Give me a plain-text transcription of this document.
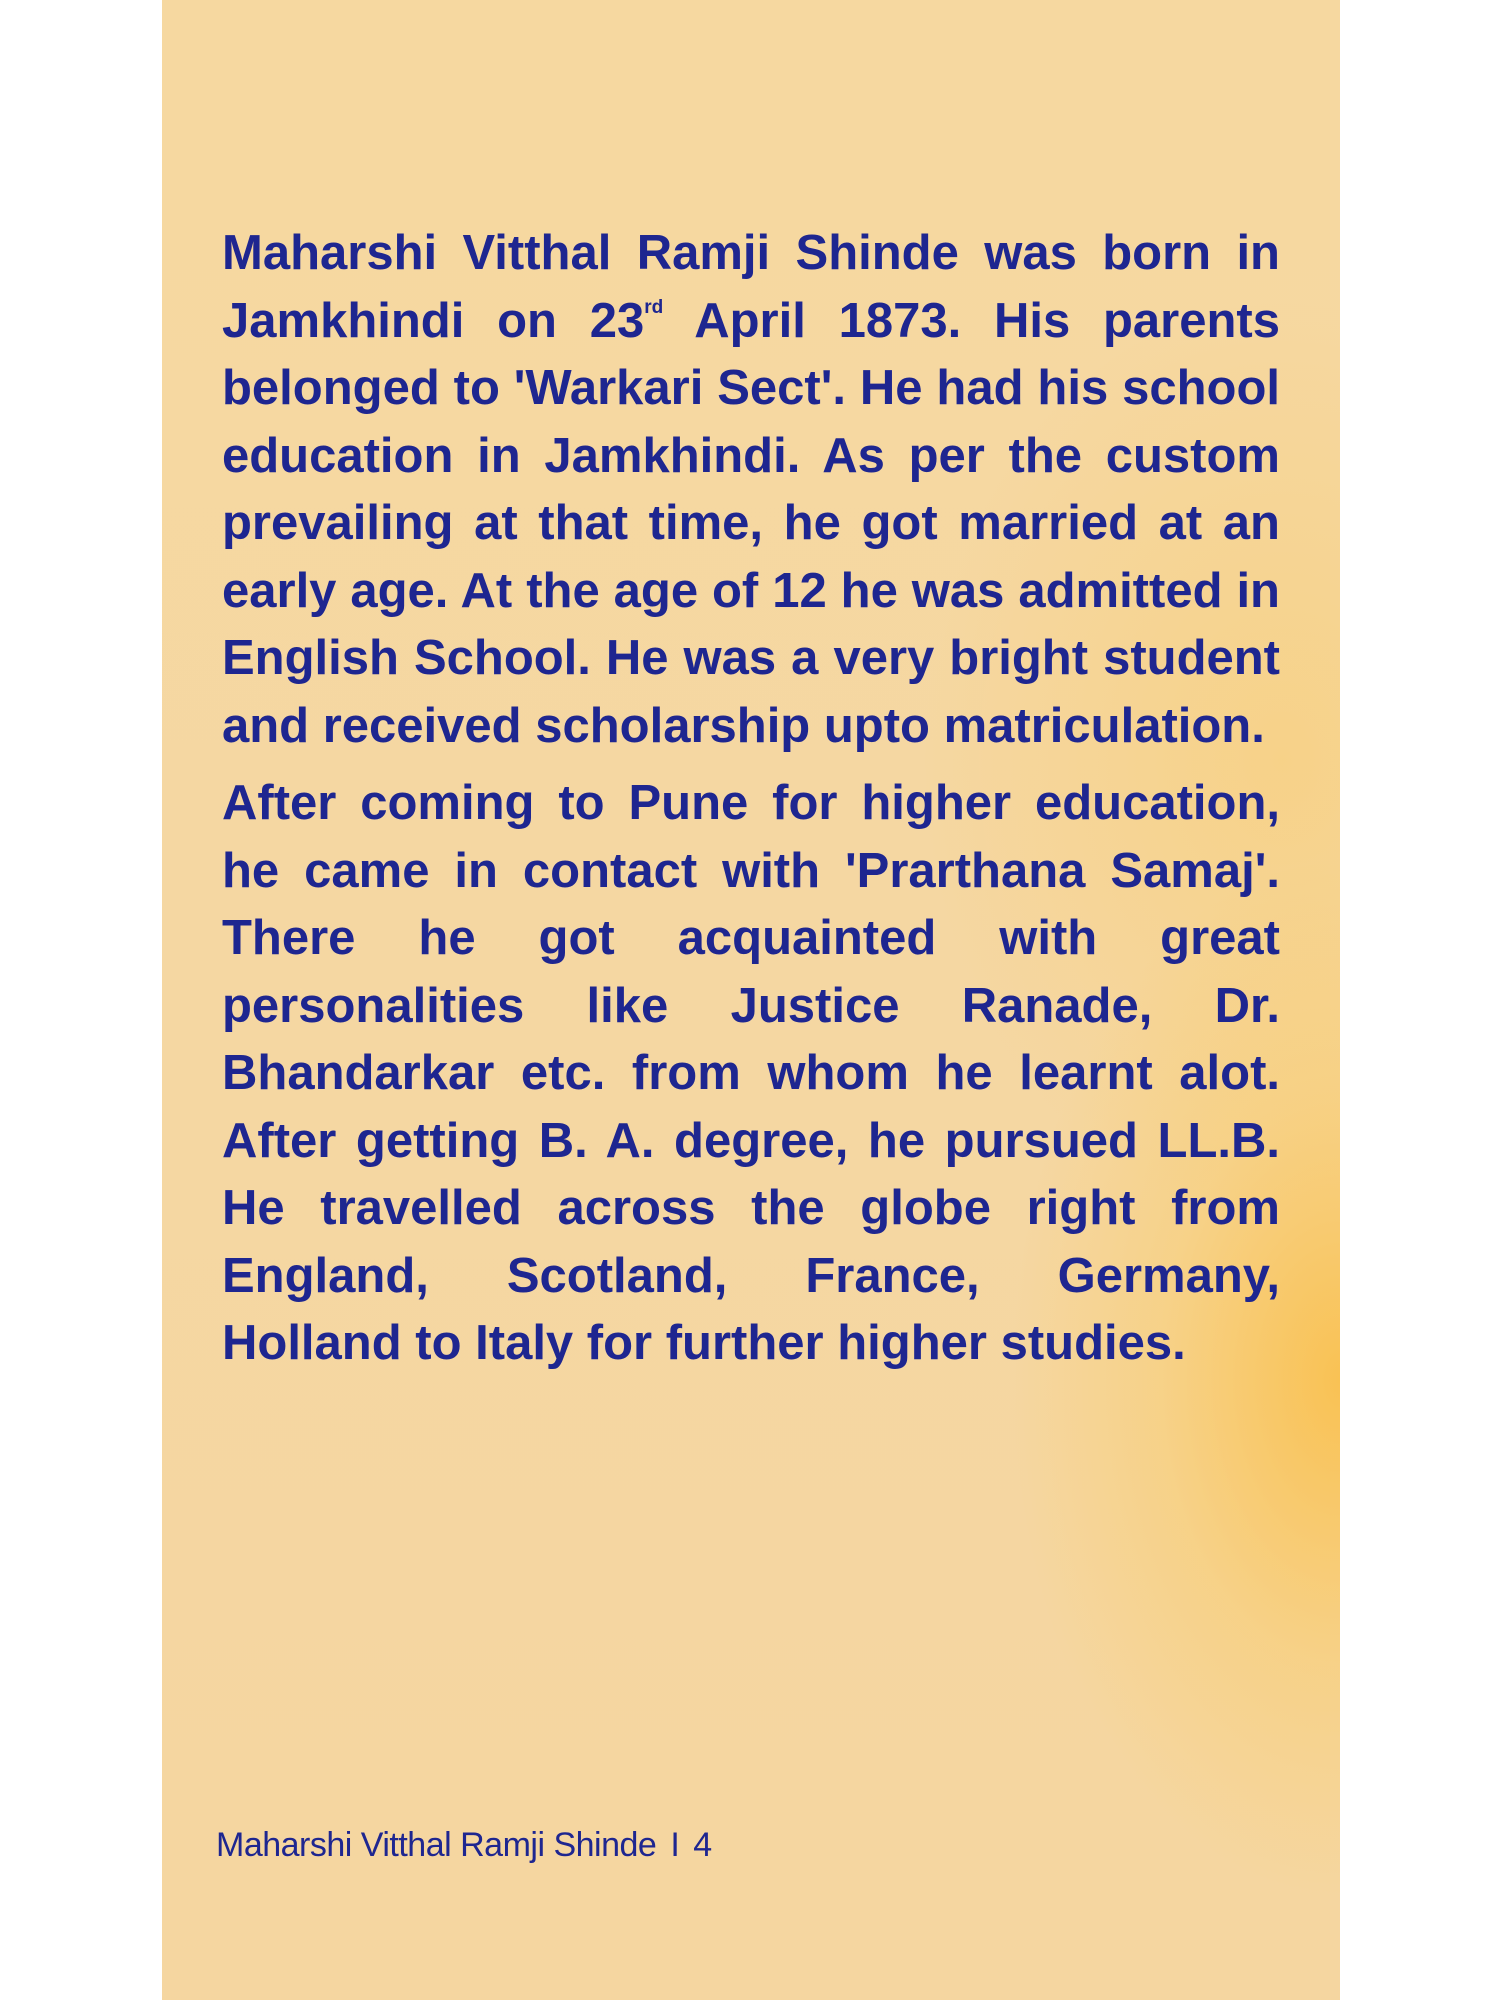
Maharshi Vitthal Ramji Shinde was born in Jamkhindi on 23rd April 1873. His parents belonged to 'Warkari Sect'. He had his school education in Jamkhindi. As per the custom prevailing at that time, he got married at an early age. At the age of 12 he was admitted in English School. He was a very bright student and received scholarship upto matriculation.

After coming to Pune for higher education, he came in contact with 'Prarthana Samaj'. There he got acquainted with great personalities like Justice Ranade, Dr. Bhandarkar etc. from whom he learnt alot. After getting B. A. degree, he pursued LL.B. He travelled across the globe right from England, Scotland, France, Germany, Holland to Italy for further higher studies.

Maharshi Vitthal Ramji Shinde I 4
